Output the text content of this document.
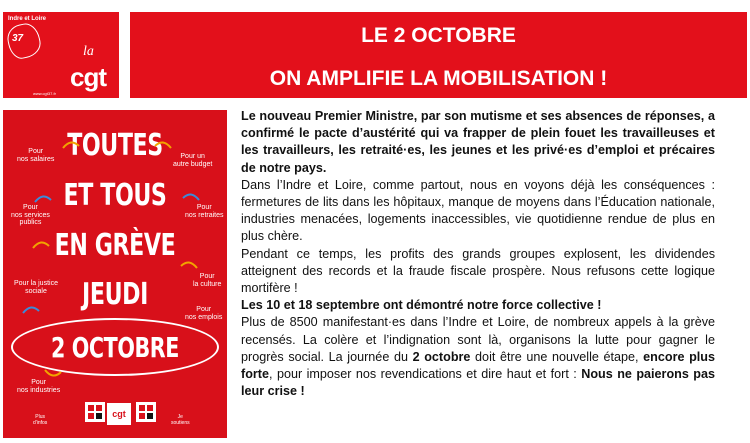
Indre et Loire
37
la
cgt
www.cgt37.fr
LE 2 OCTOBRE
ON AMPLIFIE LA MOBILISATION !
TOUTES
ET TOUS
EN GRÈVE
JEUDI
2 OCTOBRE
Pour
nos salaires	Pour un
autre budget
Pour
nos services
publics
Pour
nos retraites
Pour la justice
sociale
Pour
la culture
Pour
nos emplois
Pour
nos industries
Plus
d'infos
cgt	Je
soutiens

Le nouveau Premier Ministre, par son mutisme et ses absences de réponses, a confirmé le pacte d’austérité qui va frapper de plein fouet les travailleuses et les travailleurs, les retraité·es, les jeunes et les privé·es d’emploi et précaires de notre pays.

Dans l’Indre et Loire, comme partout, nous en voyons déjà les conséquences : fermetures de lits dans les hôpitaux, manque de moyens dans l’Éducation nationale, industries menacées, logements inaccessibles, vie quotidienne rendue de plus en plus chère.

Pendant ce temps, les profits des grands groupes explosent, les dividendes atteignent des records et la fraude fiscale prospère. Nous refusons cette logique mortifère !

Les 10 et 18 septembre ont démontré notre force collective !

Plus de 8500 manifestant·es dans l’Indre et Loire, de nombreux appels à la grève recensés. La colère et l’indignation sont là, organisons la lutte pour gagner le progrès social. La journée du 2 octobre doit être une nouvelle étape, encore plus forte, pour imposer nos revendications et dire haut et fort : Nous ne paierons pas leur crise !
